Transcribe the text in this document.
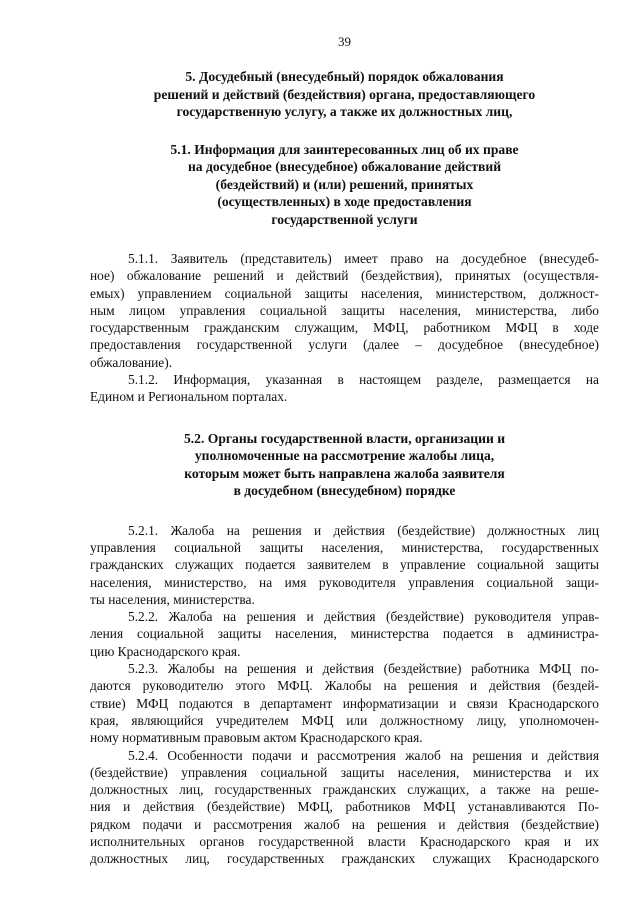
39
5. Досудебный (внесудебный) порядок обжалования
решений и действий (бездействия) органа, предоставляющего
государственную услугу, а также их должностных лиц,
5.1. Информация для заинтересованных лиц об их праве
на досудебное (внесудебное) обжалование действий
(бездействий) и (или) решений, принятых
(осуществленных) в ходе предоставления
государственной услуги
5.1.1. Заявитель (представитель) имеет право на досудебное (внесудеб-
ное) обжалование решений и действий (бездействия), принятых (осуществля-
емых) управлением социальной защиты населения, министерством, должност-
ным лицом управления социальной защиты населения, министерства, либо
государственным гражданским служащим, МФЦ, работником МФЦ в ходе
предоставления государственной услуги (далее – досудебное (внесудебное)
обжалование).
5.1.2. Информация, указанная в настоящем разделе, размещается на
Едином и Региональном порталах.
5.2. Органы государственной власти, организации и
уполномоченные на рассмотрение жалобы лица,
которым может быть направлена жалоба заявителя
в досудебном (внесудебном) порядке
5.2.1. Жалоба на решения и действия (бездействие) должностных лиц
управления социальной защиты населения, министерства, государственных
гражданских служащих подается заявителем в управление социальной защиты
населения, министерство, на имя руководителя управления социальной защи-
ты населения, министерства.
5.2.2. Жалоба на решения и действия (бездействие) руководителя управ-
ления социальной защиты населения, министерства подается в администра-
цию Краснодарского края.
5.2.3. Жалобы на решения и действия (бездействие) работника МФЦ по-
даются руководителю этого МФЦ. Жалобы на решения и действия (бездей-
ствие) МФЦ подаются в департамент информатизации и связи Краснодарского
края, являющийся учредителем МФЦ или должностному лицу, уполномочен-
ному нормативным правовым актом Краснодарского края.
5.2.4. Особенности подачи и рассмотрения жалоб на решения и действия
(бездействие) управления социальной защиты населения, министерства и их
должностных лиц, государственных гражданских служащих, а также на реше-
ния и действия (бездействие) МФЦ, работников МФЦ устанавливаются По-
рядком подачи и рассмотрения жалоб на решения и действия (бездействие)
исполнительных органов государственной власти Краснодарского края и их
должностных лиц, государственных гражданских служащих Краснодарского
